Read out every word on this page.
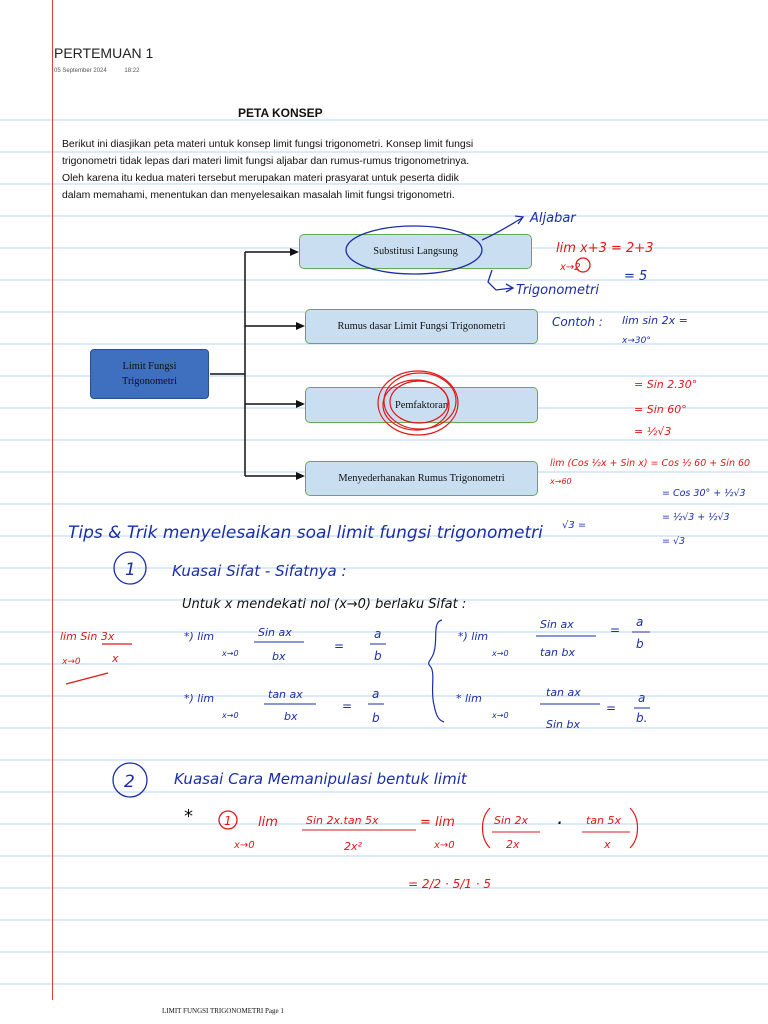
PERTEMUAN 1
05 September 2024	18:22
PETA KONSEP
Berikut ini diasjikan peta materi untuk konsep limit fungsi trigonometri. Konsep limit fungsi trigonometri tidak lepas dari materi limit fungsi aljabar dan rumus-rumus trigonometrinya. Oleh karena itu kedua materi tersebut merupakan materi prasyarat untuk peserta didik dalam memahami, menentukan dan menyelesaikan masalah limit fungsi trigonometri.
Limit Fungsi Trigonometri
Substitusi Langsung
Rumus dasar Limit Fungsi Trigonometri
Pemfaktoran
Menyederhanakan Rumus Trigonometri
Aljabar
Trigonometri
lim x+3 = 2+3
x→2
= 5
Contoh : lim sin 2x =
x→30°
= Sin 2.30°
= Sin 60°
= ½√3
lim (Cos ½x + Sin x) = Cos ½ 60 + Sin 60
x→60
= Cos 30° + ½√3
= ½√3 + ½√3
= √3
√3 =
Tips & Trik menyelesaikan soal limit fungsi trigonometri
1 Kuasai Sifat - Sifatnya :
Untuk x mendekati nol (x→0) berlaku Sifat :
lim Sin 3x
x→0	x
*) lim
x→0
Sin ax
bx
=
a
b
*) lim
x→0
tan ax
bx
=
a
b
*) lim
x→0
Sin ax
tan bx
=
a
b
* lim
x→0
tan ax
Sin bx
=
a
b.
2	Kuasai Cara Memanipulasi bentuk limit
*	1 lim
x→0
Sin 2x.tan 5x
2x²
= lim
x→0
Sin 2x
2x
· tan 5x
x
= 2/2 · 5/1 · 5
LIMIT FUNGSI TRIGONOMETRI Page 1
